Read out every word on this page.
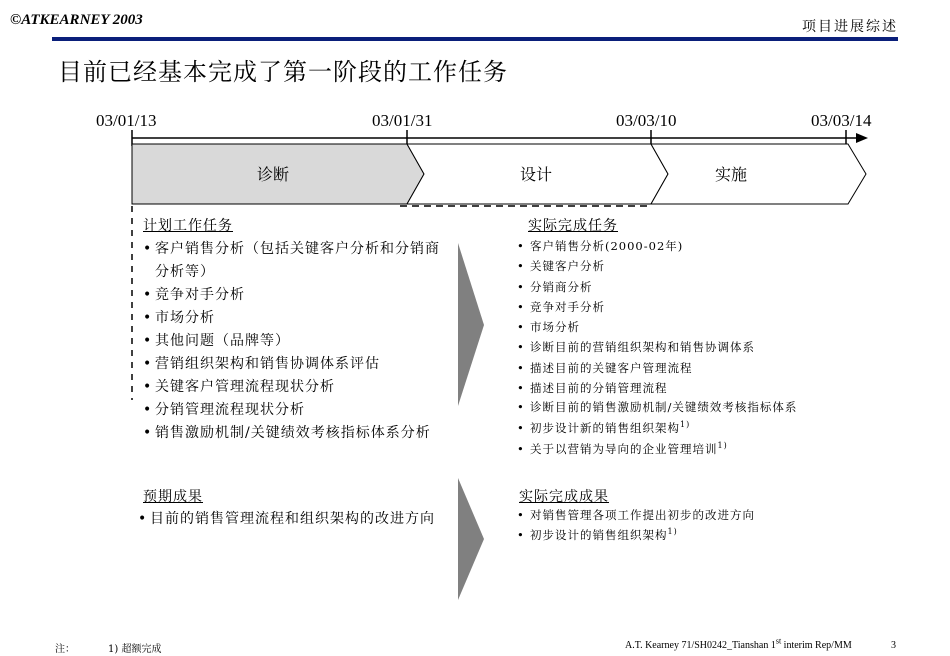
©ATKEARNEY 2003	项目进展综述
目前已经基本完成了第一阶段的工作任务
03/01/13	03/01/31	03/03/10	03/03/14
诊断	设计	实施
计划工作任务
• 客户销售分析（包括关键客户分析和分销商分析等）
• 竞争对手分析
• 市场分析
• 其他问题（品牌等）
• 营销组织架构和销售协调体系评估
• 关键客户管理流程现状分析
• 分销管理流程现状分析
• 销售激励机制/关键绩效考核指标体系分析
预期成果
• 目前的销售管理流程和组织架构的改进方向
实际完成任务
• 客户销售分析(2000-02年)
• 关键客户分析
• 分销商分析
• 竞争对手分析
• 市场分析
• 诊断目前的营销组织架构和销售协调体系
• 描述目前的关键客户管理流程
• 描述目前的分销管理流程
• 诊断目前的销售激励机制/关键绩效考核指标体系
• 初步设计新的销售组织架构$^{1)}$
• 关于以营销为导向的企业管理培训$^{1)}$
实际完成成果
• 对销售管理各项工作提出初步的改进方向
• 初步设计的销售组织架构$^{1)}$
注：	1) 超额完成	A.T. Kearney 71/SH0242_Tianshan 1st interim Rep/MM	3
